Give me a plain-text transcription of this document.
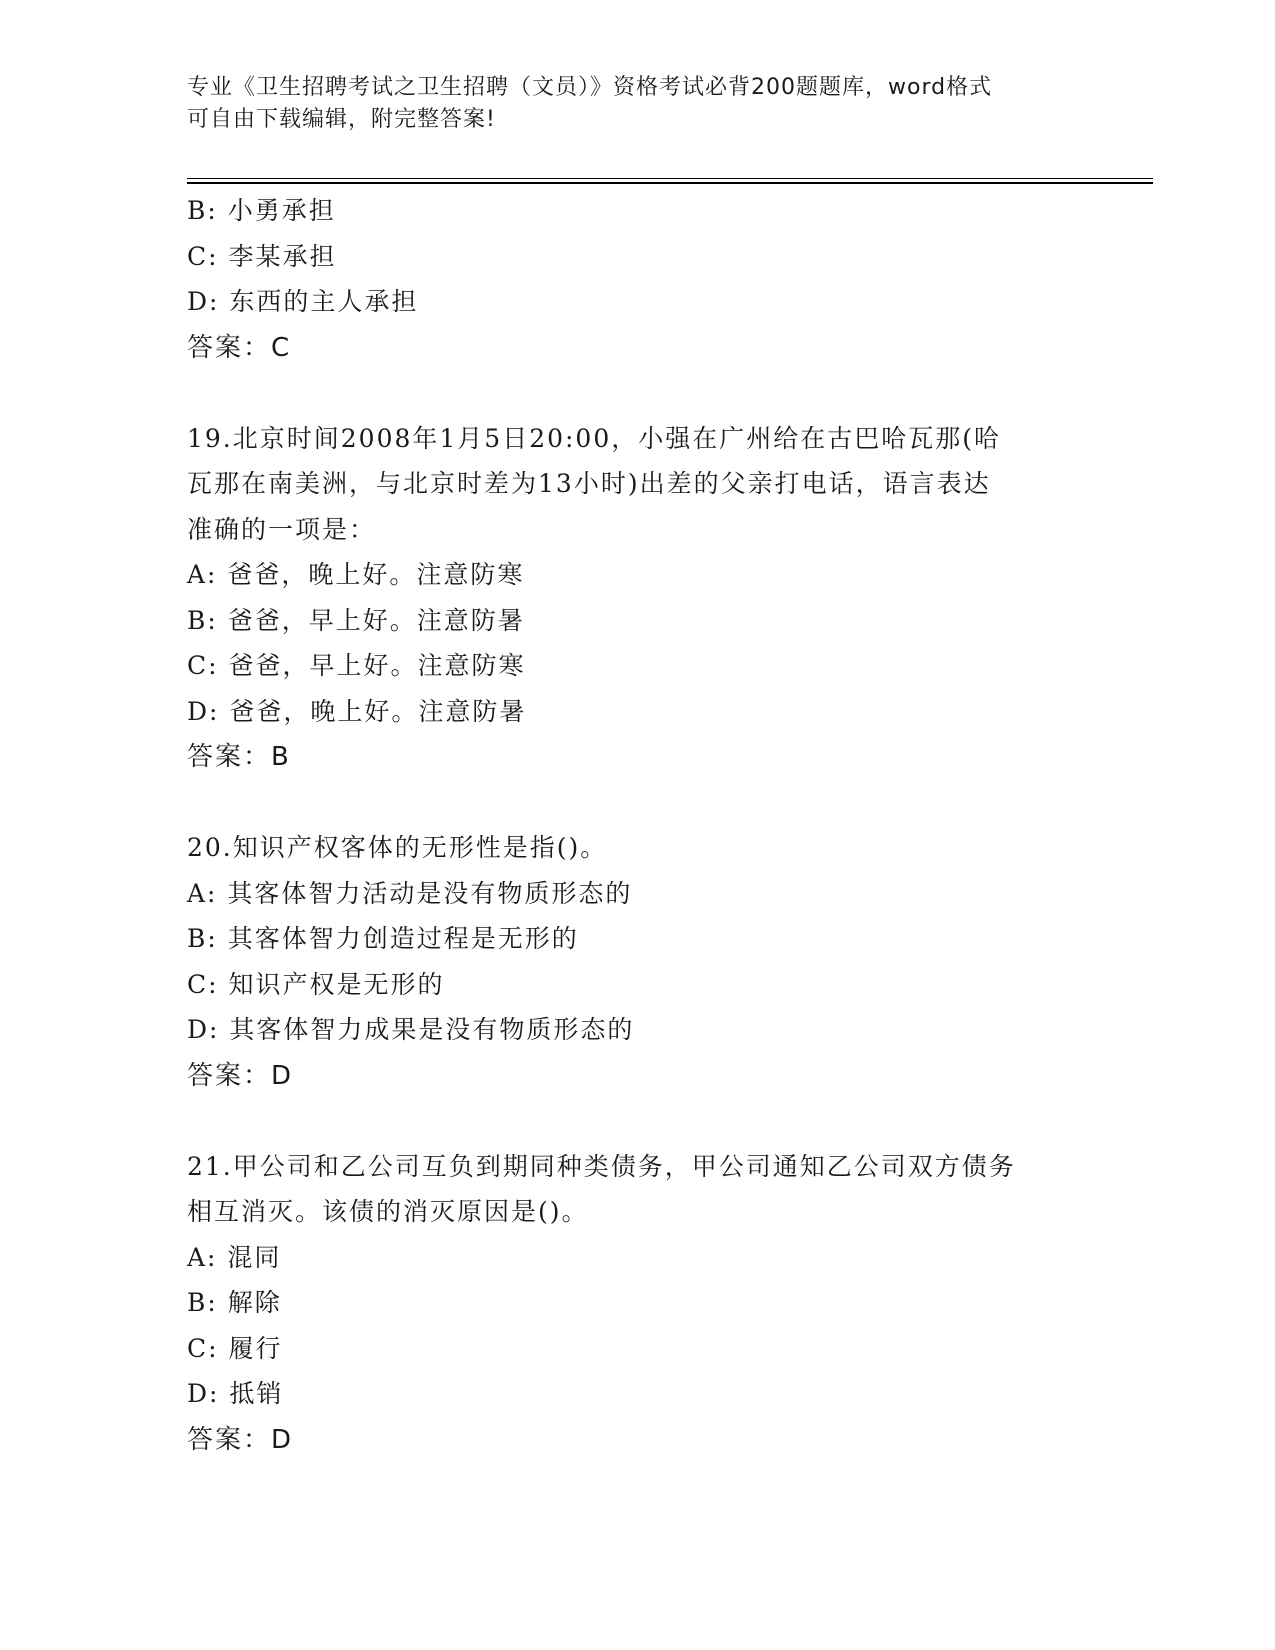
专业《卫生招聘考试之卫生招聘（文员）》资格考试必背200题题库，word格式
可自由下载编辑，附完整答案!
B: 小勇承担
C: 李某承担
D: 东西的主人承担
答案：C
19.北京时间2008年1月5日20:00，小强在广州给在古巴哈瓦那(哈
瓦那在南美洲，与北京时差为13小时)出差的父亲打电话，语言表达
准确的一项是：
A: 爸爸，晚上好。注意防寒
B: 爸爸，早上好。注意防暑
C: 爸爸，早上好。注意防寒
D: 爸爸，晚上好。注意防暑
答案：B
20.知识产权客体的无形性是指()。
A: 其客体智力活动是没有物质形态的
B: 其客体智力创造过程是无形的
C: 知识产权是无形的
D: 其客体智力成果是没有物质形态的
答案：D
21.甲公司和乙公司互负到期同种类债务，甲公司通知乙公司双方债务
相互消灭。该债的消灭原因是()。
A: 混同
B: 解除
C: 履行
D: 抵销
答案：D
